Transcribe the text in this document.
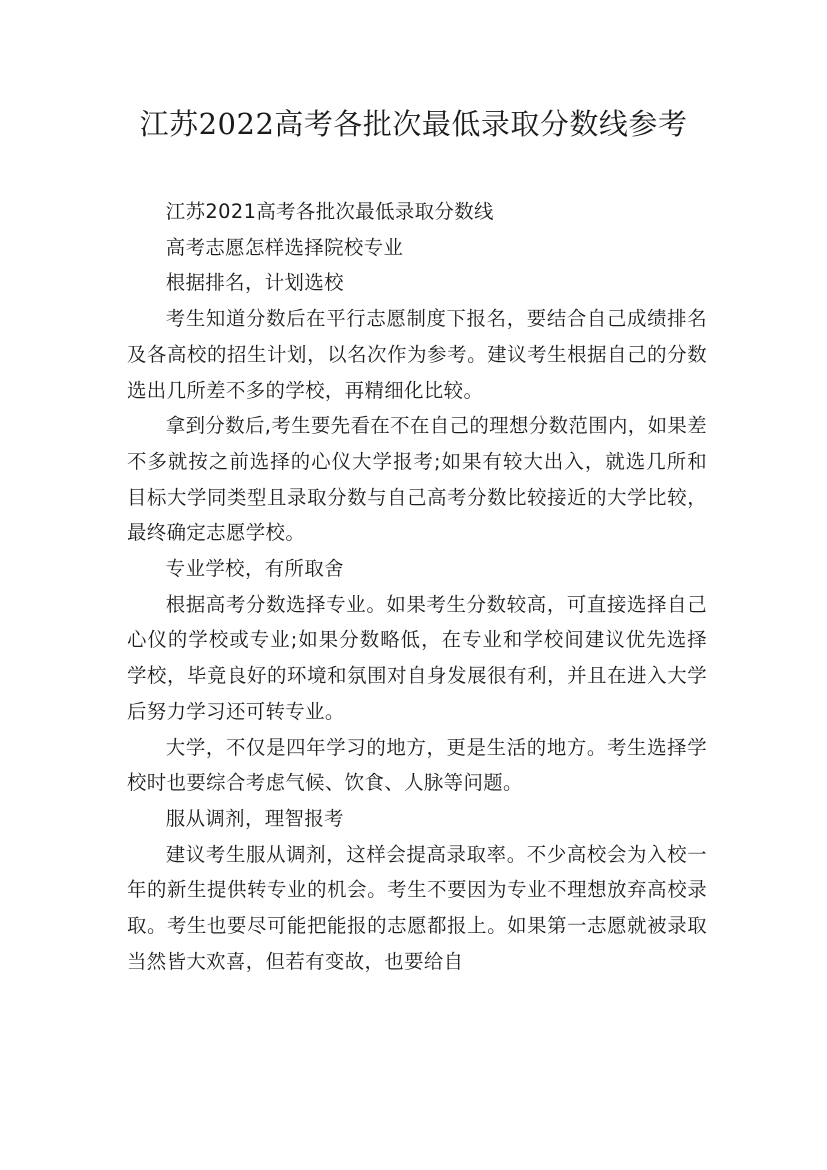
江苏2022高考各批次最低录取分数线参考

江苏2021高考各批次最低录取分数线

高考志愿怎样选择院校专业

根据排名，计划选校

考生知道分数后在平行志愿制度下报名，要结合自己成绩排名及各高校的招生计划，以名次作为参考。建议考生根据自己的分数选出几所差不多的学校，再精细化比较。

拿到分数后,考生要先看在不在自己的理想分数范围内，如果差不多就按之前选择的心仪大学报考;如果有较大出入，就选几所和目标大学同类型且录取分数与自己高考分数比较接近的大学比较，最终确定志愿学校。

专业学校，有所取舍

根据高考分数选择专业。如果考生分数较高，可直接选择自己心仪的学校或专业;如果分数略低，在专业和学校间建议优先选择学校，毕竟良好的环境和氛围对自身发展很有利，并且在进入大学后努力学习还可转专业。

大学，不仅是四年学习的地方，更是生活的地方。考生选择学校时也要综合考虑气候、饮食、人脉等问题。

服从调剂，理智报考

建议考生服从调剂，这样会提高录取率。不少高校会为入校一年的新生提供转专业的机会。考生不要因为专业不理想放弃高校录取。考生也要尽可能把能报的志愿都报上。如果第一志愿就被录取当然皆大欢喜，但若有变故，也要给自
